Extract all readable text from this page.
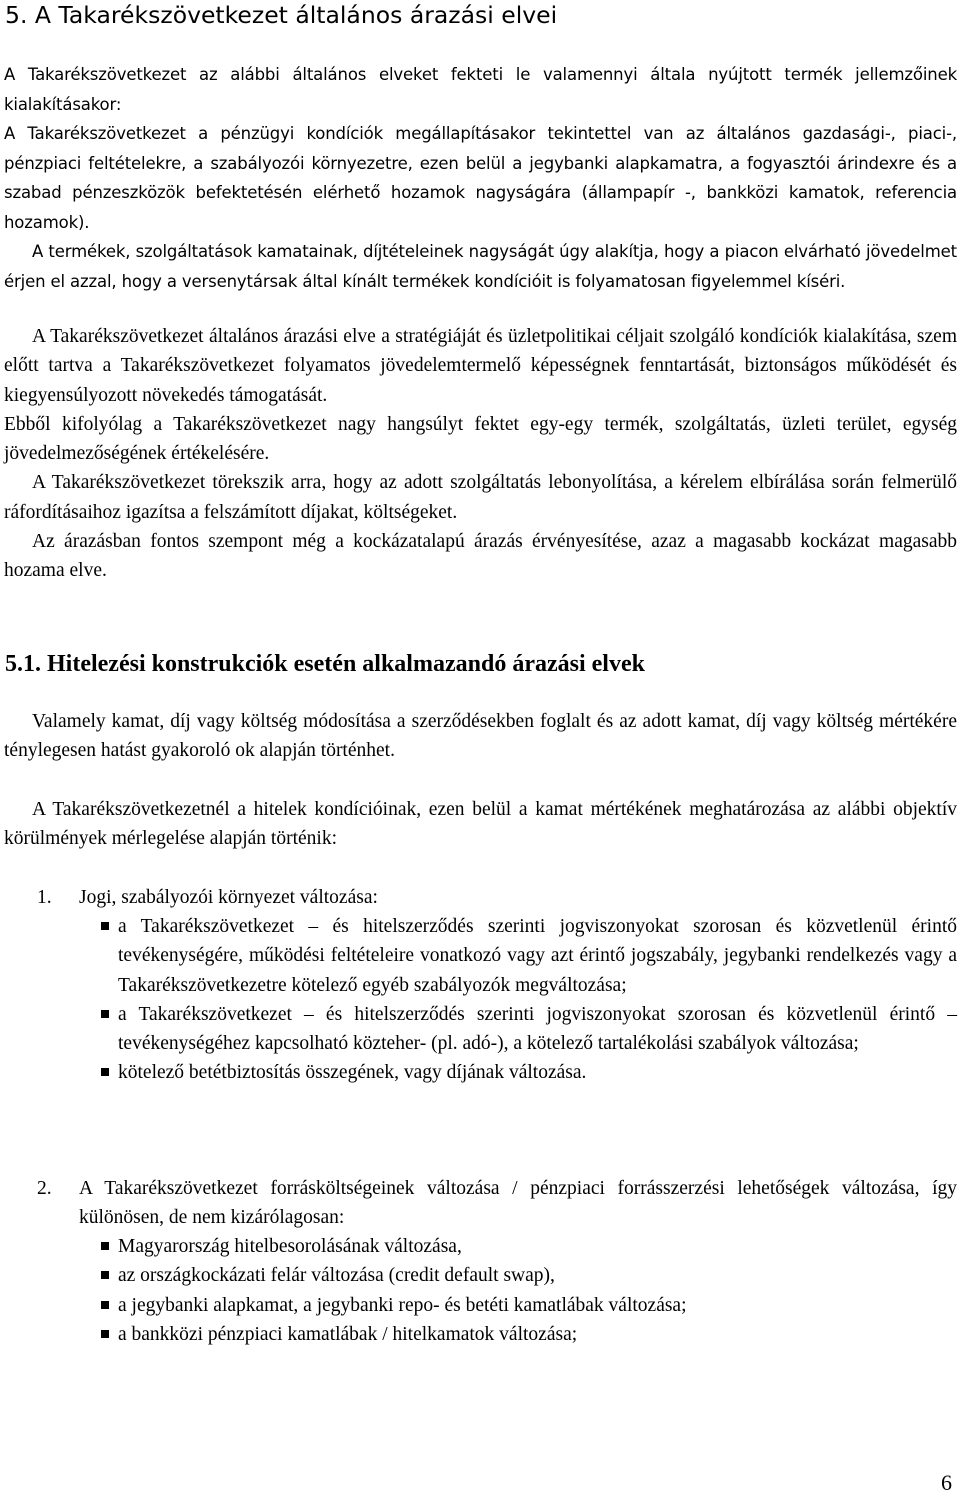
5. A Takarékszövetkezet általános árazási elvei

A Takarékszövetkezet az alábbi általános elveket fekteti le valamennyi általa nyújtott termék jellemzőinek kialakításakor:

A Takarékszövetkezet a pénzügyi kondíciók megállapításakor tekintettel van az általános gazdasági-, piaci-, pénzpiaci feltételekre, a szabályozói környezetre, ezen belül a jegybanki alapkamatra, a fogyasztói árindexre és a szabad pénzeszközök befektetésén elérhető hozamok nagyságára (állampapír -, bankközi kamatok, referencia hozamok).

A termékek, szolgáltatások kamatainak, díjtételeinek nagyságát úgy alakítja, hogy a piacon elvárható jövedelmet érjen el azzal, hogy a versenytársak által kínált termékek kondícióit is folyamatosan figyelemmel kíséri.

A Takarékszövetkezet általános árazási elve a stratégiáját és üzletpolitikai céljait szolgáló kondíciók kialakítása, szem előtt tartva a Takarékszövetkezet folyamatos jövedelemtermelő képességnek fenntartását, biztonságos működését és kiegyensúlyozott növekedés támogatását.

Ebből kifolyólag a Takarékszövetkezet nagy hangsúlyt fektet egy-egy termék, szolgáltatás, üzleti terület, egység jövedelmezőségének értékelésére.

A Takarékszövetkezet törekszik arra, hogy az adott szolgáltatás lebonyolítása, a kérelem elbírálása során felmerülő ráfordításaihoz igazítsa a felszámított díjakat, költségeket.

Az árazásban fontos szempont még a kockázatalapú árazás érvényesítése, azaz a magasabb kockázat magasabb hozama elve.

5.1. Hitelezési konstrukciók esetén alkalmazandó árazási elvek
Valamely kamat, díj vagy költség módosítása a szerződésekben foglalt és az adott kamat, díj vagy költség mértékére ténylegesen hatást gyakoroló ok alapján történhet.
A Takarékszövetkezetnél a hitelek kondícióinak, ezen belül a kamat mértékének meghatározása az alábbi objektív körülmények mérlegelése alapján történik:
1. Jogi, szabályozói környezet változása:
a Takarékszövetkezet – és hitelszerződés szerinti jogviszonyokat szorosan és közvetlenül érintő tevékenységére, működési feltételeire vonatkozó vagy azt érintő jogszabály, jegybanki rendelkezés vagy a Takarékszövetkezetre kötelező egyéb szabályozók megváltozása;
a Takarékszövetkezet – és hitelszerződés szerinti jogviszonyokat szorosan és közvetlenül érintő – tevékenységéhez kapcsolható közteher- (pl. adó-), a kötelező tartalékolási szabályok változása;
kötelező betétbiztosítás összegének, vagy díjának változása.
2. A Takarékszövetkezet forrásköltségeinek változása / pénzpiaci forrásszerzési lehetőségek változása, így különösen, de nem kizárólagosan:
Magyarország hitelbesorolásának változása,
az országkockázati felár változása (credit default swap),
a jegybanki alapkamat, a jegybanki repo- és betéti kamatlábak változása;
a bankközi pénzpiaci kamatlábak / hitelkamatok változása;
6
